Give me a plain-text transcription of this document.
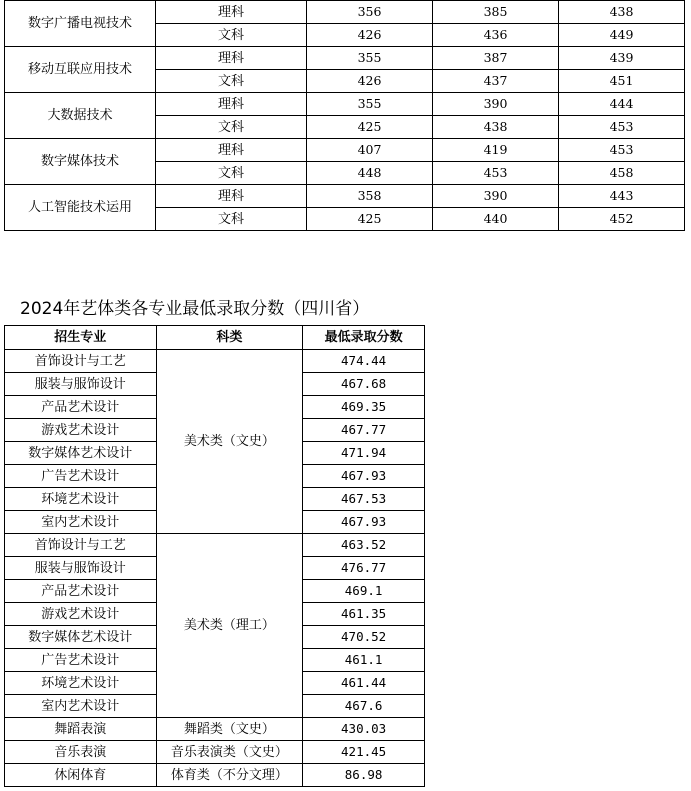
数字广播电视技术	理科	356	385	438
	文科	426	436	449
移动互联应用技术	理科	355	387	439
	文科	426	437	451
大数据技术	理科	355	390	444
	文科	425	438	453
数字媒体技术	理科	407	419	453
	文科	448	453	458
人工智能技术运用	理科	358	390	443
	文科	425	440	452
2024年艺体类各专业最低录取分数（四川省）
招生专业	科类	最低录取分数
首饰设计与工艺	美术类（文史）	474.44
服装与服饰设计		467.68
产品艺术设计		469.35
游戏艺术设计		467.77
数字媒体艺术设计		471.94
广告艺术设计		467.93
环境艺术设计		467.53
室内艺术设计		467.93
首饰设计与工艺	美术类（理工）	463.52
服装与服饰设计		476.77
产品艺术设计		469.1
游戏艺术设计		461.35
数字媒体艺术设计		470.52
广告艺术设计		461.1
环境艺术设计		461.44
室内艺术设计		467.6
舞蹈表演	舞蹈类（文史）	430.03
音乐表演	音乐表演类（文史）	421.45
休闲体育	体育类（不分文理）	86.98
